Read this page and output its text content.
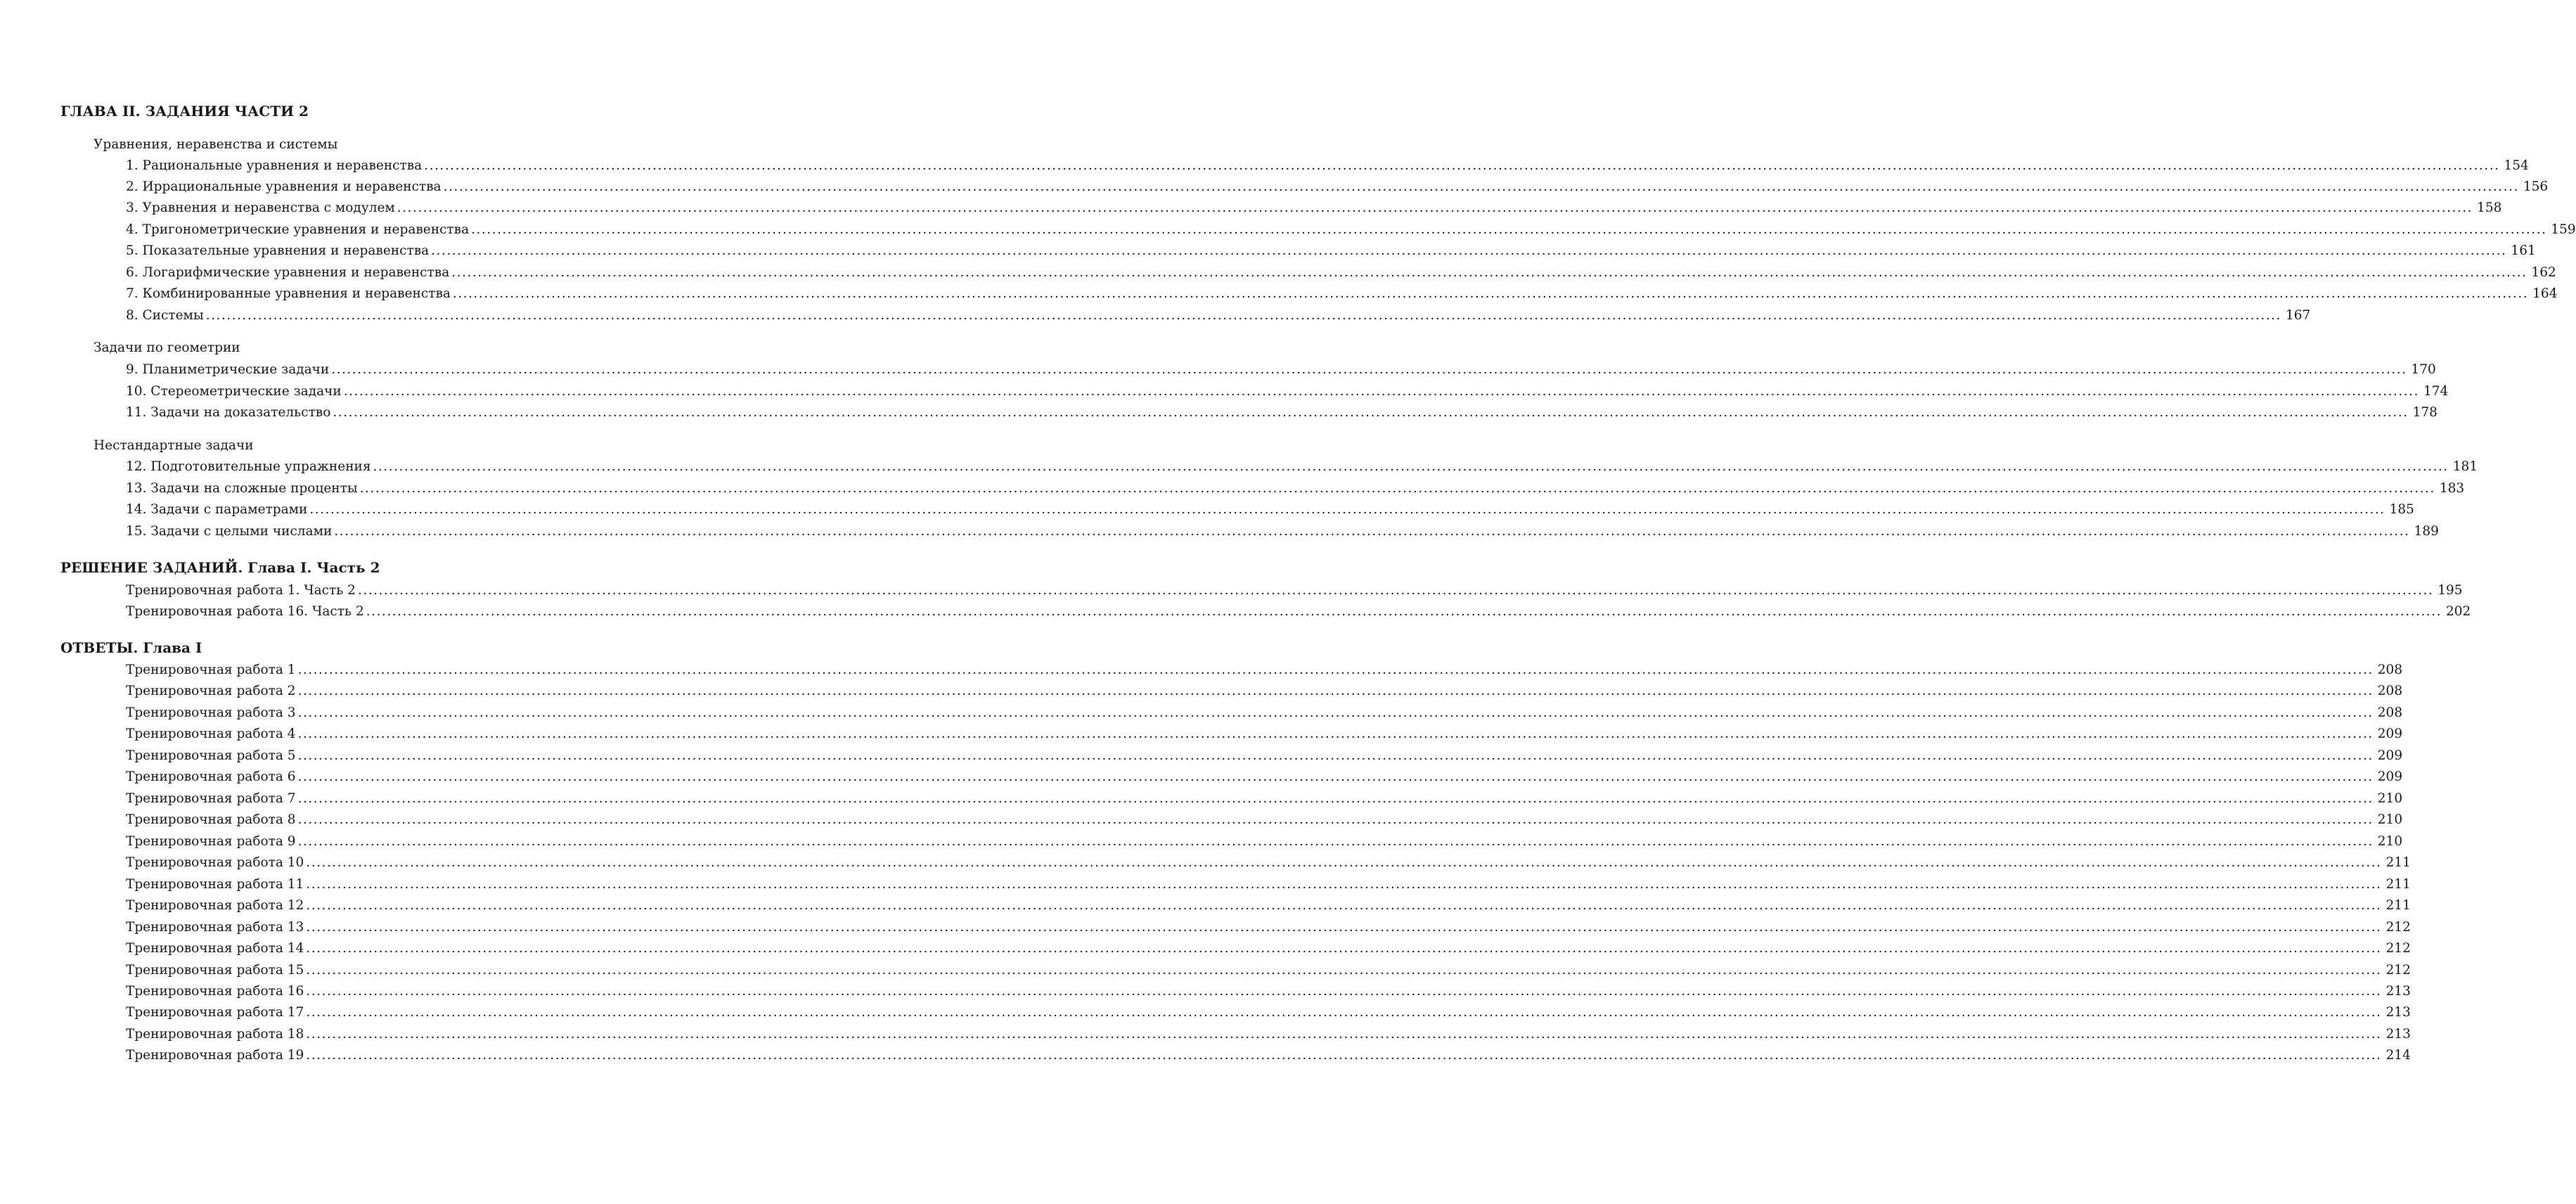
ГЛАВА II. ЗАДАНИЯ ЧАСТИ 2
Уравнения, неравенства и системы
1. Рациональные уравнения и неравенства ................................................................................................................................................................................................................................................................................................................................................................................................................ 154
2. Иррациональные уравнения и неравенства ................................................................................................................................................................................................................................................................................................................................................................................................................ 156
3. Уравнения и неравенства с модулем ................................................................................................................................................................................................................................................................................................................................................................................................................ 158
4. Тригонометрические уравнения и неравенства ................................................................................................................................................................................................................................................................................................................................................................................................................ 159
5. Показательные уравнения и неравенства ................................................................................................................................................................................................................................................................................................................................................................................................................ 161
6. Логарифмические уравнения и неравенства ................................................................................................................................................................................................................................................................................................................................................................................................................ 162
7. Комбинированные уравнения и неравенства ................................................................................................................................................................................................................................................................................................................................................................................................................ 164
8. Системы ................................................................................................................................................................................................................................................................................................................................................................................................................ 167
Задачи по геометрии
9. Планиметрические задачи ................................................................................................................................................................................................................................................................................................................................................................................................................ 170
10. Стереометрические задачи ................................................................................................................................................................................................................................................................................................................................................................................................................ 174
11. Задачи на доказательство ................................................................................................................................................................................................................................................................................................................................................................................................................ 178
Нестандартные задачи
12. Подготовительные упражнения ................................................................................................................................................................................................................................................................................................................................................................................................................ 181
13. Задачи на сложные проценты ................................................................................................................................................................................................................................................................................................................................................................................................................ 183
14. Задачи с параметрами ................................................................................................................................................................................................................................................................................................................................................................................................................ 185
15. Задачи с целыми числами ................................................................................................................................................................................................................................................................................................................................................................................................................ 189
РЕШЕНИЕ ЗАДАНИЙ. Глава I. Часть 2
Тренировочная работа 1. Часть 2 ................................................................................................................................................................................................................................................................................................................................................................................................................ 195
Тренировочная работа 16. Часть 2 ................................................................................................................................................................................................................................................................................................................................................................................................................ 202
ОТВЕТЫ. Глава I
Тренировочная работа 1 ................................................................................................................................................................................................................................................................................................................................................................................................................ 208
Тренировочная работа 2 ................................................................................................................................................................................................................................................................................................................................................................................................................ 208
Тренировочная работа 3 ................................................................................................................................................................................................................................................................................................................................................................................................................ 208
Тренировочная работа 4 ................................................................................................................................................................................................................................................................................................................................................................................................................ 209
Тренировочная работа 5 ................................................................................................................................................................................................................................................................................................................................................................................................................ 209
Тренировочная работа 6 ................................................................................................................................................................................................................................................................................................................................................................................................................ 209
Тренировочная работа 7 ................................................................................................................................................................................................................................................................................................................................................................................................................ 210
Тренировочная работа 8 ................................................................................................................................................................................................................................................................................................................................................................................................................ 210
Тренировочная работа 9 ................................................................................................................................................................................................................................................................................................................................................................................................................ 210
Тренировочная работа 10 ................................................................................................................................................................................................................................................................................................................................................................................................................ 211
Тренировочная работа 11 ................................................................................................................................................................................................................................................................................................................................................................................................................ 211
Тренировочная работа 12 ................................................................................................................................................................................................................................................................................................................................................................................................................ 211
Тренировочная работа 13 ................................................................................................................................................................................................................................................................................................................................................................................................................ 212
Тренировочная работа 14 ................................................................................................................................................................................................................................................................................................................................................................................................................ 212
Тренировочная работа 15 ................................................................................................................................................................................................................................................................................................................................................................................................................ 212
Тренировочная работа 16 ................................................................................................................................................................................................................................................................................................................................................................................................................ 213
Тренировочная работа 17 ................................................................................................................................................................................................................................................................................................................................................................................................................ 213
Тренировочная работа 18 ................................................................................................................................................................................................................................................................................................................................................................................................................ 213
Тренировочная работа 19 ................................................................................................................................................................................................................................................................................................................................................................................................................ 214
